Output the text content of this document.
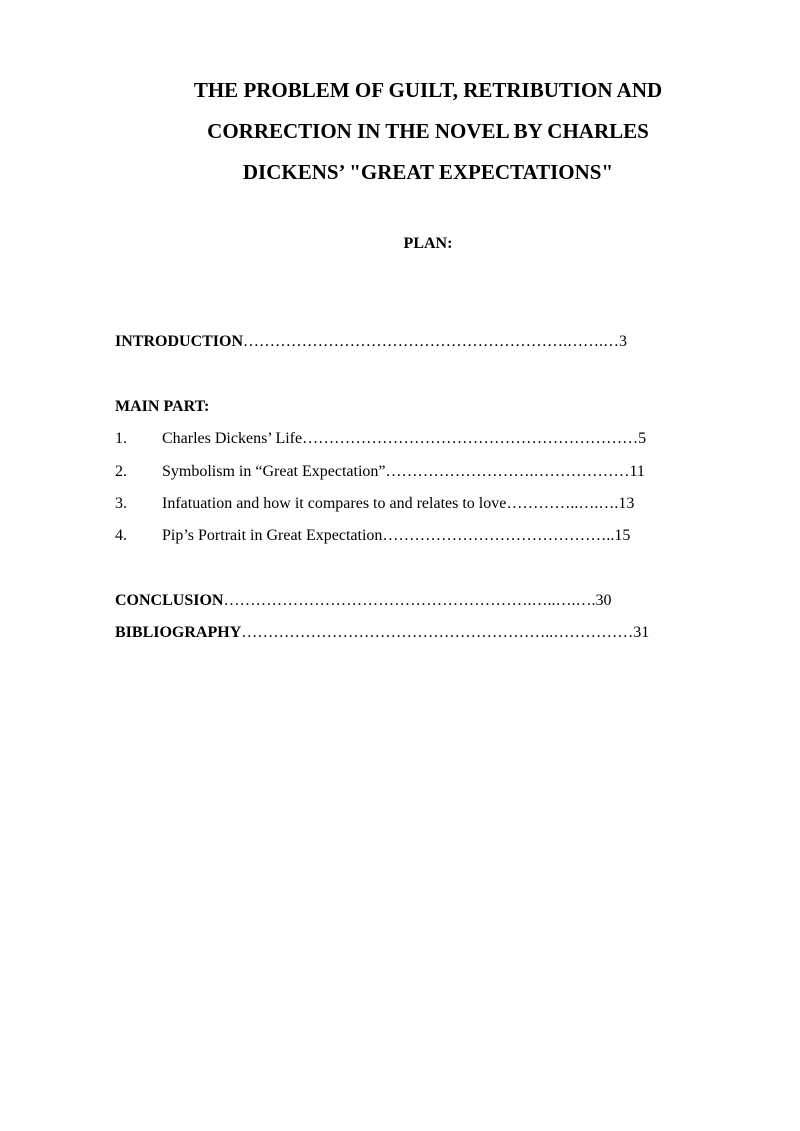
THE PROBLEM OF GUILT, RETRIBUTION AND
CORRECTION IN THE NOVEL BY CHARLES
DICKENS’ "GREAT EXPECTATIONS"
PLAN:
INTRODUCTION…………………………………………………….…….…3
MAIN PART:
1. Charles Dickens’ Life………………………………………………………5
2. Symbolism in “Great Expectation”……………………….………………11
3. Infatuation and how it compares to and relates to love…………..….….13
4. Pip’s Portrait in Great Expectation……………………………………..15
CONCLUSION………………………………………………….…..….….30
BIBLIOGRAPHY…………………………………………………..……………31
